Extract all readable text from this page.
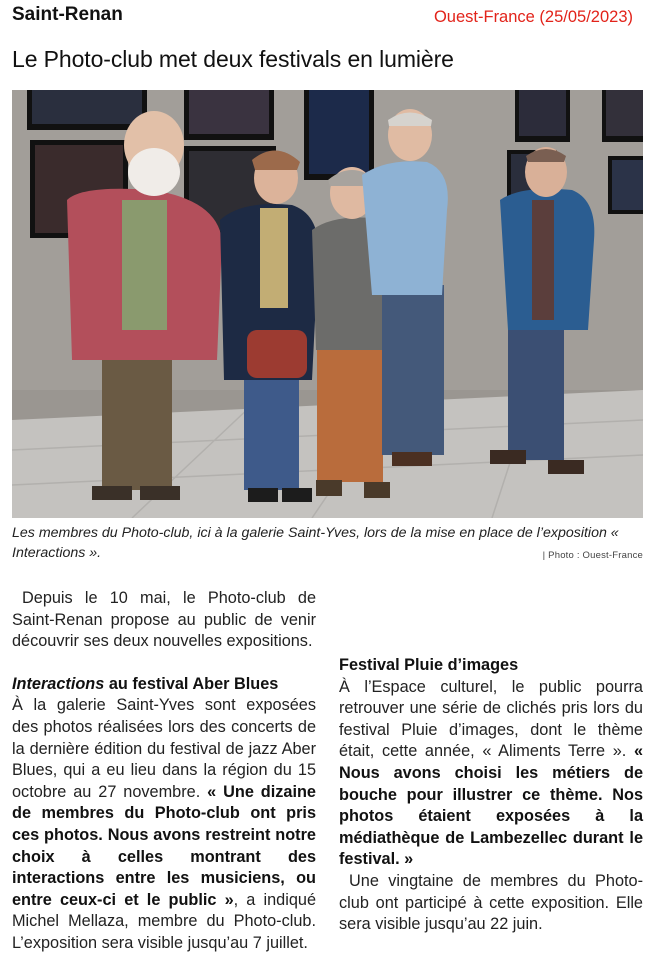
Saint-Renan	Ouest-France (25/05/2023)
Le Photo-club met deux festivals en lumière

Les membres du Photo-club, ici à la galerie Saint-Yves, lors de la mise en place de l’exposition « Interactions ».	| Photo : Ouest-France

Depuis le 10 mai, le Photo-club de Saint-Renan propose au public de venir découvrir ses deux nouvelles expositions.

Interactions au festival Aber Blues

À la galerie Saint-Yves sont exposées des photos réalisées lors des concerts de la dernière édition du festival de jazz Aber Blues, qui a eu lieu dans la région du 15 octobre au 27 novembre. « Une dizaine de membres du Photo-club ont pris ces photos. Nous avons restreint notre choix à celles montrant des interactions entre les musiciens, ou entre ceux-ci et le public », a indiqué Michel Mellaza, membre du Photo-club. L’exposition sera visible jusqu’au 7 juillet.

Festival Pluie d’images

À l’Espace culturel, le public pourra retrouver une série de clichés pris lors du festival Pluie d’images, dont le thème était, cette année, « Aliments Terre ». « Nous avons choisi les métiers de bouche pour illustrer ce thème. Nos photos étaient exposées à la médiathèque de Lambezellec durant le festival. »

Une vingtaine de membres du Photo-club ont participé à cette exposition. Elle sera visible jusqu’au 22 juin.
